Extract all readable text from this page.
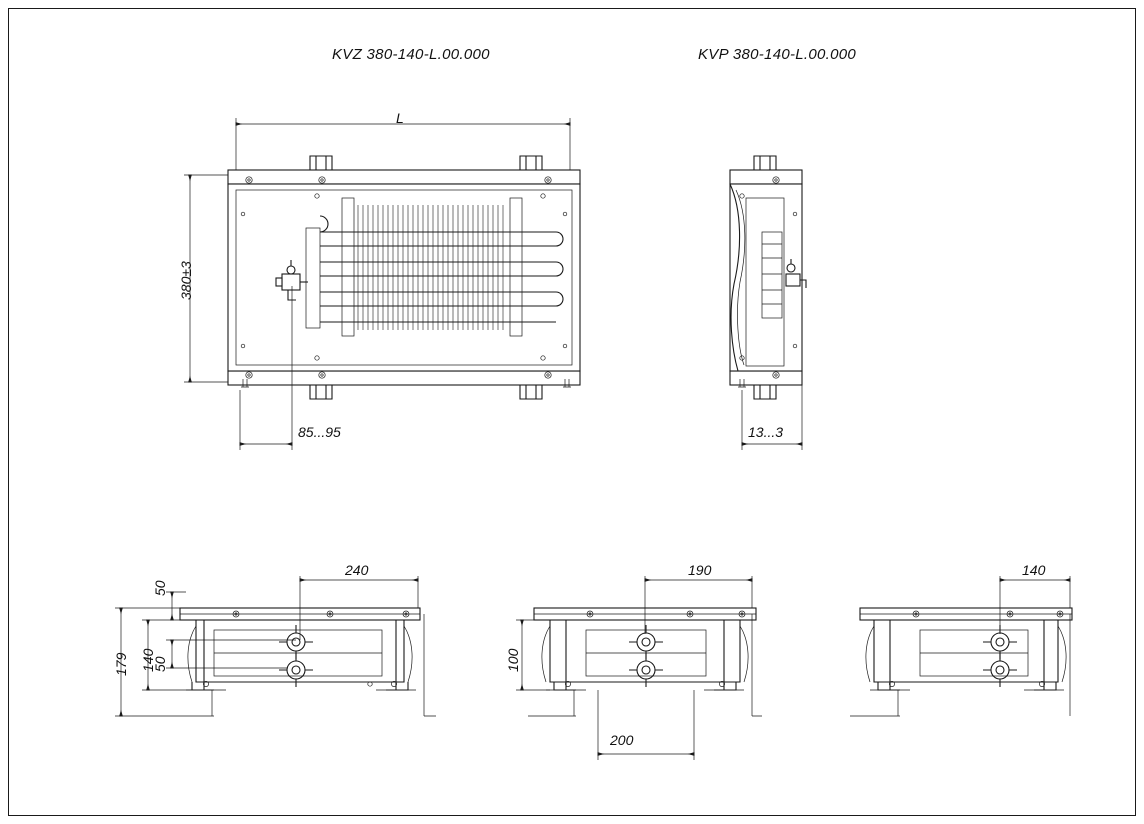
KVZ 380-140-L.00.000	KVP 380-140-L.00.000
L
380±3
85...95	13...3
240
179 140
50
50
190
100
200
140
